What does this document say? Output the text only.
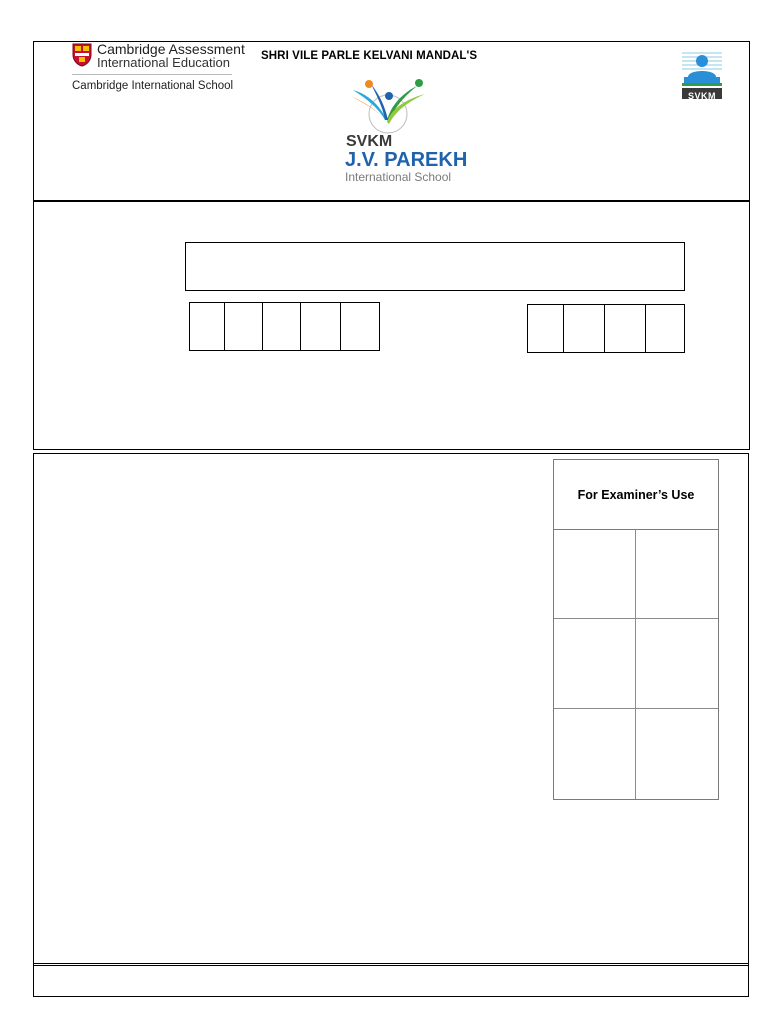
Cambridge Assessment
International Education
Cambridge International School
SHRI VILE PARLE KELVANI MANDAL'S
SVKM
J.V. PAREKH
International School
SVKM
For Examiner’s Use
